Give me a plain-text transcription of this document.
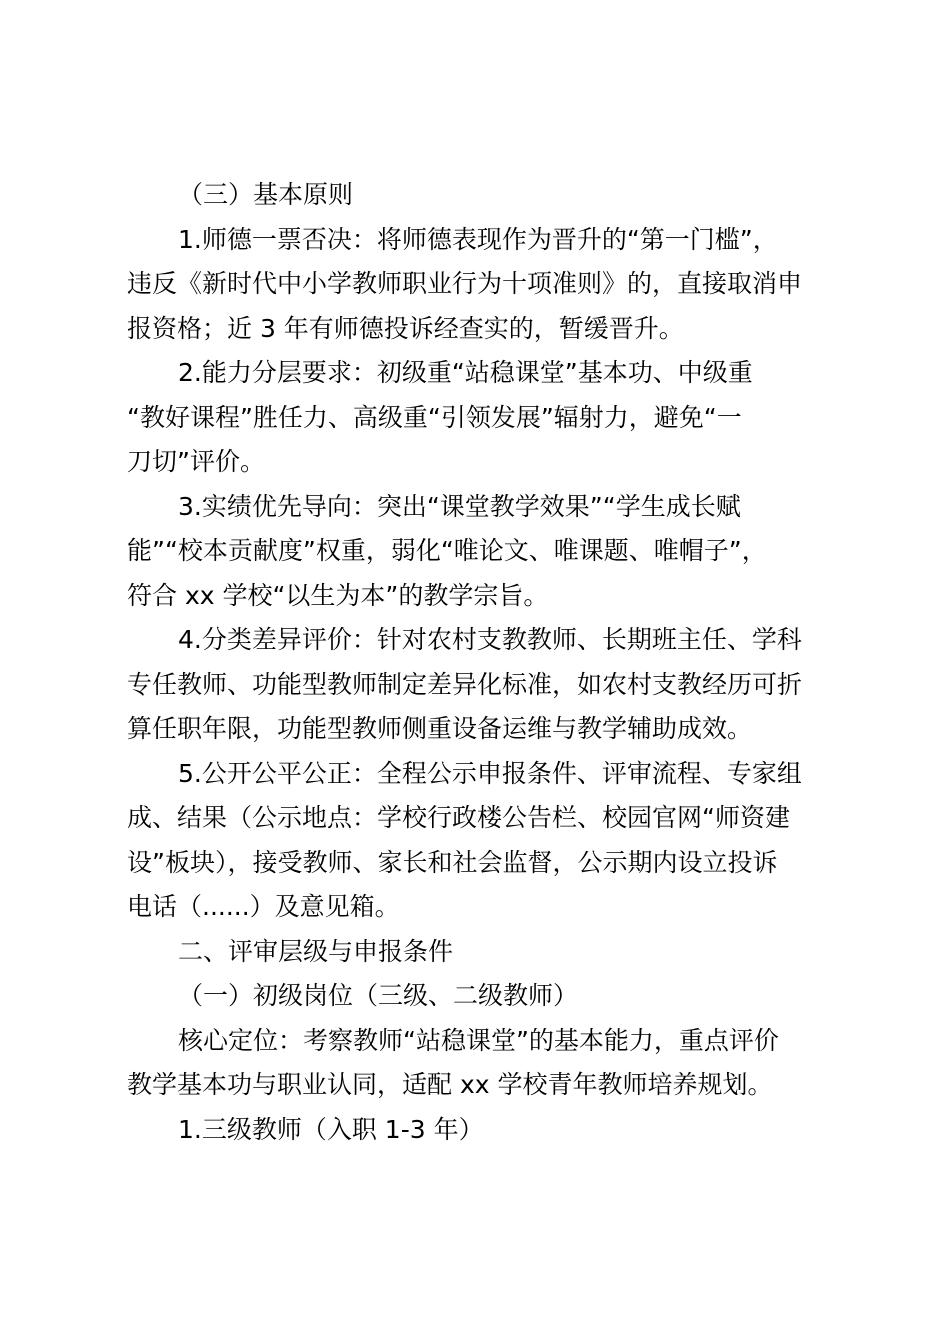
（三）基本原则

1.师德一票否决：将师德表现作为晋升的“第一门槛”，
违反《新时代中小学教师职业行为十项准则》的，直接取消申
报资格；近 3 年有师德投诉经查实的，暂缓晋升。

2.能力分层要求：初级重“站稳课堂”基本功、中级重
“教好课程”胜任力、高级重“引领发展”辐射力，避免“一
刀切”评价。

3.实绩优先导向：突出“课堂教学效果”“学生成长赋
能”“校本贡献度”权重，弱化“唯论文、唯课题、唯帽子”，
符合 xx 学校“以生为本”的教学宗旨。

4.分类差异评价：针对农村支教教师、长期班主任、学科
专任教师、功能型教师制定差异化标准，如农村支教经历可折
算任职年限，功能型教师侧重设备运维与教学辅助成效。

5.公开公平公正：全程公示申报条件、评审流程、专家组
成、结果（公示地点：学校行政楼公告栏、校园官网“师资建
设”板块），接受教师、家长和社会监督，公示期内设立投诉
电话（......）及意见箱。

二、评审层级与申报条件

（一）初级岗位（三级、二级教师）

核心定位：考察教师“站稳课堂”的基本能力，重点评价
教学基本功与职业认同，适配 xx 学校青年教师培养规划。

1.三级教师（入职 1-3 年）
